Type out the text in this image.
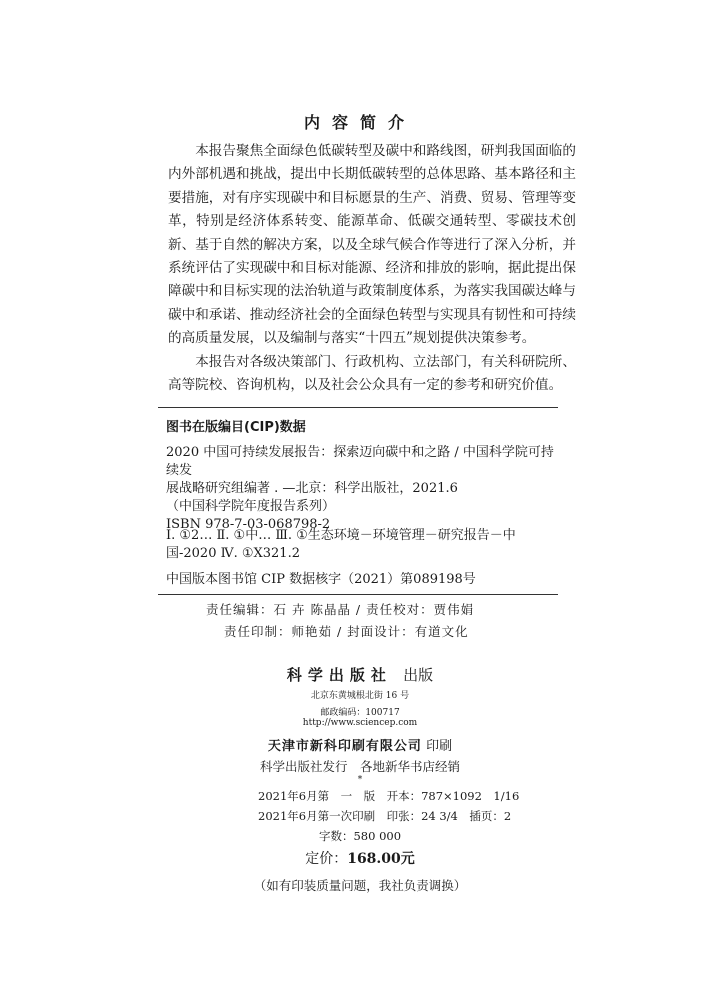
内容简介

本报告聚焦全面绿色低碳转型及碳中和路线图，研判我国面临的内外部机遇和挑战，提出中长期低碳转型的总体思路、基本路径和主要措施，对有序实现碳中和目标愿景的生产、消费、贸易、管理等变革，特别是经济体系转变、能源革命、低碳交通转型、零碳技术创新、基于自然的解决方案，以及全球气候合作等进行了深入分析，并系统评估了实现碳中和目标对能源、经济和排放的影响，据此提出保障碳中和目标实现的法治轨道与政策制度体系，为落实我国碳达峰与碳中和承诺、推动经济社会的全面绿色转型与实现具有韧性和可持续的高质量发展，以及编制与落实“十四五”规划提供决策参考。

本报告对各级决策部门、行政机构、立法部门，有关科研院所、高等院校、咨询机构，以及社会公众具有一定的参考和研究价值。

图书在版编目(CIP)数据

2020 中国可持续发展报告：探索迈向碳中和之路 / 中国科学院可持续发

展战略研究组编著 . —北京：科学出版社，2021.6

（中国科学院年度报告系列）

ISBN 978-7-03-068798-2

Ⅰ. ①2… Ⅱ. ①中… Ⅲ. ①生态环境－环境管理－研究报告－中

国-2020 Ⅳ. ①X321.2

中国版本图书馆 CIP 数据核字（2021）第089198号
责任编辑：石 卉 陈晶晶 / 责任校对：贾伟娟
责任印制：师艳茹 / 封面设计：有道文化
科学出版社 出版
北京东黄城根北街 16 号
邮政编码：100717
http://www.sciencep.com
天津市新科印刷有限公司 印刷
科学出版社发行　各地新华书店经销
*
2021年6月第　一　版　开本：787×1092　1/16
2021年6月第一次印刷　印张：24 3/4　插页：2
字数：580 000
定价：168.00元
（如有印装质量问题，我社负责调换）
